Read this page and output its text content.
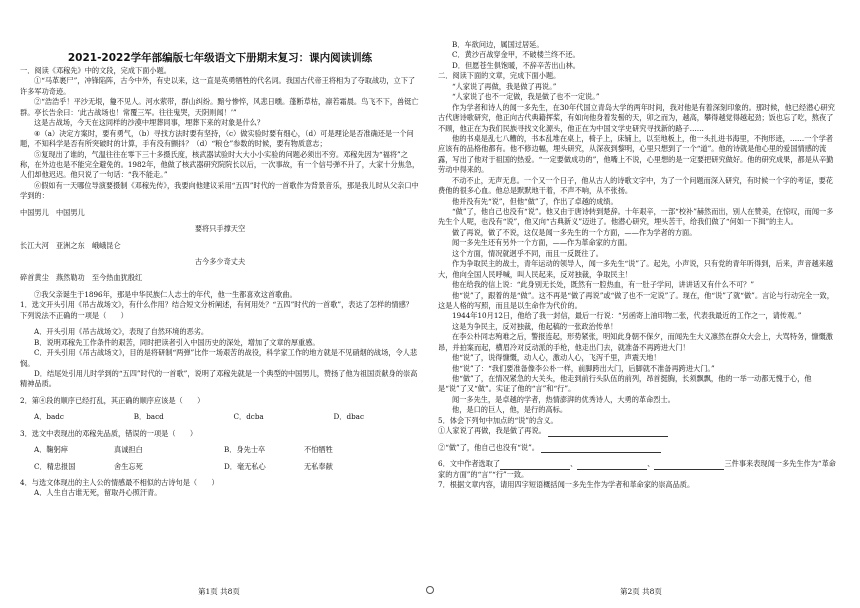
2021-2022学年部编版七年级语文下册期末复习：课内阅读训练

一．阅读《邓稼先》中的文段，完成下面小题。

①“马革裹尸”，冲锋陷阵，古今中外，有史以来，这一直是英勇牺牲的代名词。我国古代帝王将相为了夺取战功，立下了许多军功奇迹。

②“浩浩乎！平沙无垠，敻不见人。河水萦带，群山纠纷。黯兮惨悴，风悲日曛。蓬断草枯，凛若霜晨。鸟飞不下，兽铤亡群。亭长告余曰：‘此古战场也！常覆三军。往往鬼哭，天阴则闻！’”

这是古战场，今天在这同样的沙漠中埋葬同事，埋葬下来的对象是什么？

④（a）决定方案时，要有勇气，（b）寻找方法时要有坚持，（c）做实验时要有细心，（d）可是理论是否准确还是一个问题，不知科学是否有所突破时的计算，手有没有颤抖？（d）“粮仓”参数的时候，要有物质意志；

⑤复现出了谁的，气温往往在零下三十多摄氏度，核武器试验时大大小小实验的问题必须出不穷。邓稼先因为“福将”之称，在外边也是不能完全避免的。1982年，他做了核武器研究院院长以后，一次事故，有一个信号弹不升了，大家十分焦急，人们却他迟迟。他只说了一句话：“我不能走。”

⑥假如有一天哪位导演要摄制《邓稼先传》，我要向他建议采用“五四”时代的一首歌作为背景音乐，那是我儿时从父亲口中学到的：

中国男儿　中国男儿

要将只手撑天空

长江大河　亚洲之东　峨峨昆仑

古今多少奇丈夫

碎首黄尘　燕然勒功　至今热血犹殷红

⑦我父亲诞生于1896年，那是中华民族仁人志士的年代，他一生都喜欢这首歌曲。

1．选文开头引用《吊古战场文》，有什么作用？结合短文分析阐述，有何用处？“五四”时代的一首歌”，表达了怎样的情感？下列说法不正确的一项是（　　）

A．开头引用《吊古战场文》，表现了自然环境的恶劣。

B．说明邓稼先工作条件的艰苦，同时把读者引入中国历史的深处，增加了文章的厚重感。

C．开头引用《吊古战场文》，目的是将研制“两弹”比作一场艰苦的战役，科学家工作的地方就是不见硝烟的战场，令人悲悯。

D．结尾处引用儿时学到的“五四”时代的一首歌”，说明了邓稼先就是一个典型的中国男儿，赞扬了他为祖国贡献身的崇高精神品质。

2．第④段的顺序已经打乱，其正确的顺序应该是（　　）

A．badc	B．bacd	C．dcba	D．dbac

3．选文中表现出的邓稼先品质，错误的一项是（　　）

A．鞠躬瘁	真诚担白	B．身先士卒	不怕牺牲
C．精忠报国	舍生忘死	D．毫无私心	无私奉献

4．与选文体现出的主人公的情感最不相似的古诗句是（　　）

A．人生自古谁无死，留取丹心照汗青。

B．车欲问边，属国过居延。

C．黄沙百战穿金甲，不破楼兰终不还。

D．但愿苍生俱饱暖，不辞辛苦出山林。

二．阅读下面的文章，完成下面小题。

“人家说了再做，我是做了再说。”

“人家说了也不一定做，我是做了也不一定说。”

作为学者和诗人的闻一多先生，在30年代国立青岛大学的两年时间，我对他是有着深刻印象的。那时候，他已经潜心研究古代唐诗歌研究，他正向古代典籍挥桨，有如向他身着发髻的天，卯之而为，越高，攀得越觉得越起劲；饭也忘了吃，熬夜了不顾，他正在为我们民族寻找文化源头，他正在为中国文学史研究寻找新的路子……

他的书桌是乱七八糟的，书本乱堆在桌上，椅子上，床铺上，以至地板上，他一头扎进书海里，不拘形迹，……一个学者应该有的品格他都有。他不修边幅，埋头研究，从深夜到黎明，心里只想到了一个“道”。他的诗就是他心里的爱国情感的流露，写出了他对于祖国的热爱。“一定要做成功的”，他嘴上不说，心里想的是一定要把研究做好。他的研究成果，都是从辛勤劳动中得来的。

不动不止，无声无息。一个又一个日子，他从古人的诗歌文字中，为了一个问题而深入研究，有时候一个字的考证，要花费他的很多心血。他总是默默地干着，不声不响，从不张扬。

他并没有先“说”，但他“做”了，作出了卓越的成绩。

“做”了，他自己也没有“说”。他又由于唐诗转到楚辞。十年艰辛，一部“校补”赫然而出，别人在赞美，在惊叹，而闻一多先生个人呢，也没有“说”，他又向“古典新义”迈进了。他潜心研究，埋头苦干，给我们做了“何如一下揖”的主人。

做了再说，做了不说，这仅是闻一多先生的一个方面，——作为学者的方面。

闻一多先生还有另外一个方面，——作为革命家的方面。

这个方面，情况就迥乎不同，而且一反既往了。

作为争取民主的战士，青年运动的领导人，闻一多先生“说”了。起先，小声说，只有党的青年听得到，后来，声音越来越大，他向全国人民呼喊，叫人民起来，反对独裁，争取民主！

他在给我的信上说：“此身别无长处，既然有一腔热血，有一肚子学问，讲讲话又有什么不可？”

他“说”了，跟着的是“做”。这不再是“做了再说”或“做了也不一定说”了。现在，他“说”了就“做”。言论与行动完全一致，这是人格的写照，而且是以生命作为代价的。

1944年10月12日，他给了我一封信，最后一行说：“另函寄上油印物二张，代表我最近的工作之一，请传观。”

这是为争民主，反对独裁，他起稿的一张政治传单！

在李公朴同志殉难之后，警报连起，形势紧张，明知此身朝不保夕，而闻先生大义凛然在群众大会上，大骂特务，慷慨激昂，并拍案而起，横眉冷对反动派的手枪，他走出门去，就准备不再跨进大门！

他“说”了，说得慷慨，动人心，激动人心，飞泻千里，声震天地！

他“说”了：“我们要准备像李公朴一样，前脚跨出大门，后脚就不准备再跨进大门。”

他“做”了，在情况紧急的大关头，他走到前行头队伍的前列，昂首挺胸，长须飘飘，他的一举一动都无愧于心，他是“说”了又“做”。实证了他的“言”和“行”。

闻一多先生，是卓越的学者，热情澎湃的优秀诗人，大勇的革命烈士。

他，是口的巨人，他，是行的高标。

5．体会下列句中加点的“说”的含义。

①人家说了再做，我是做了再说。

②“做”了，他自己也没有“说”。

6．文中作者选取了	、	、	三件事来表现闻一多先生作为“革命家的方面”的“言”“行”一致。

7．根据文章内容，请用四字短语概括闻一多先生作为学者和革命家的崇高品质。

第1页 共8页	第2页 共8页
